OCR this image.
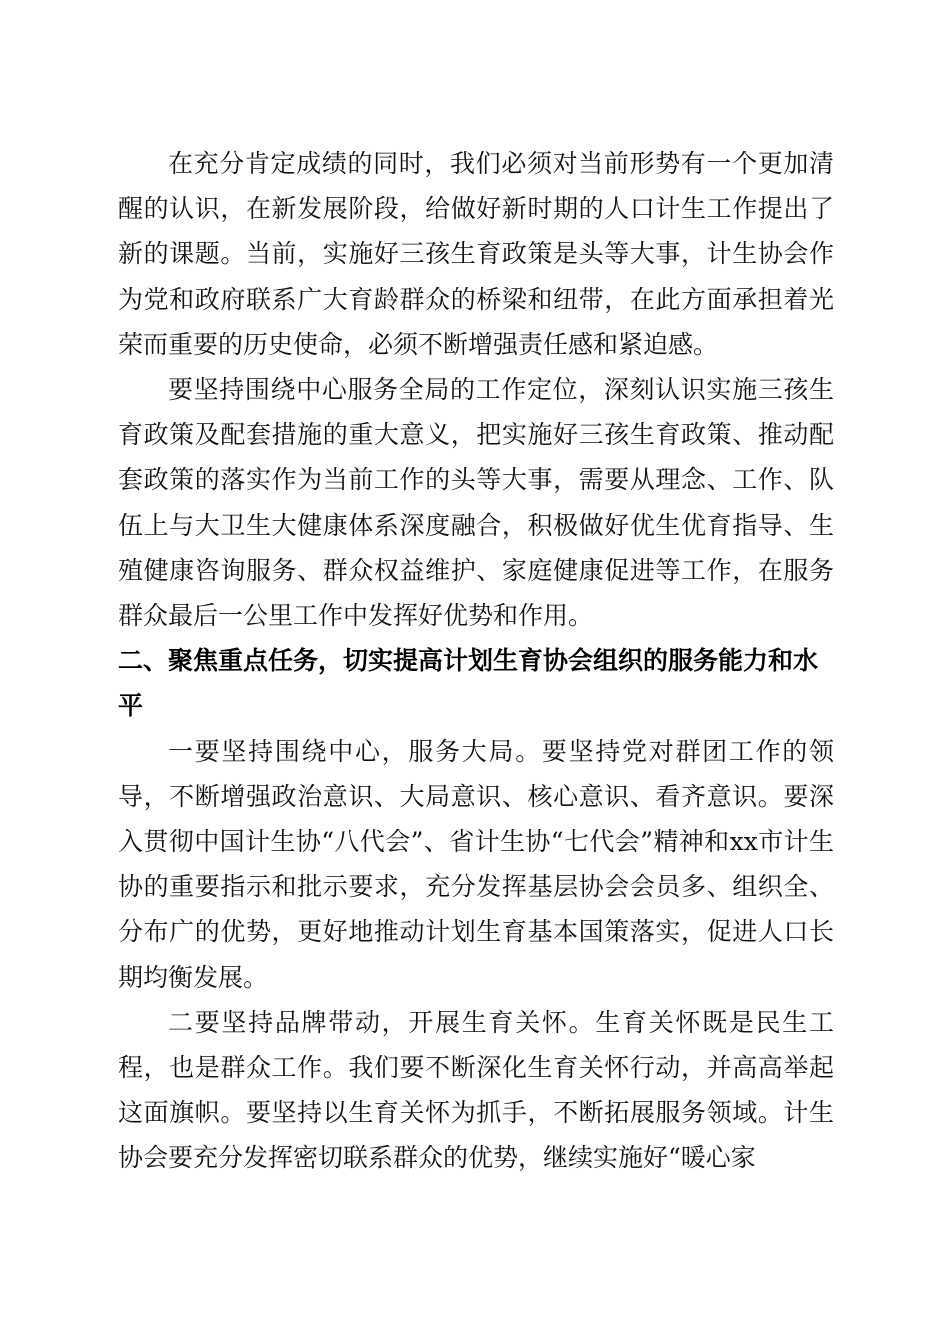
在充分肯定成绩的同时，我们必须对当前形势有一个更加清醒的认识，在新发展阶段，给做好新时期的人口计生工作提出了新的课题。当前，实施好三孩生育政策是头等大事，计生协会作为党和政府联系广大育龄群众的桥梁和纽带，在此方面承担着光荣而重要的历史使命，必须不断增强责任感和紧迫感。

要坚持围绕中心服务全局的工作定位，深刻认识实施三孩生育政策及配套措施的重大意义，把实施好三孩生育政策、推动配套政策的落实作为当前工作的头等大事，需要从理念、工作、队伍上与大卫生大健康体系深度融合，积极做好优生优育指导、生殖健康咨询服务、群众权益维护、家庭健康促进等工作，在服务群众最后一公里工作中发挥好优势和作用。

二、聚焦重点任务，切实提高计划生育协会组织的服务能力和水平

一要坚持围绕中心，服务大局。要坚持党对群团工作的领导，不断增强政治意识、大局意识、核心意识、看齐意识。要深入贯彻中国计生协“八代会”、省计生协“七代会”精神和xx市计生协的重要指示和批示要求，充分发挥基层协会会员多、组织全、分布广的优势，更好地推动计划生育基本国策落实，促进人口长期均衡发展。

二要坚持品牌带动，开展生育关怀。生育关怀既是民生工程，也是群众工作。我们要不断深化生育关怀行动，并高高举起这面旗帜。要坚持以生育关怀为抓手，不断拓展服务领域。计生协会要充分发挥密切联系群众的优势，继续实施好“暖心家
